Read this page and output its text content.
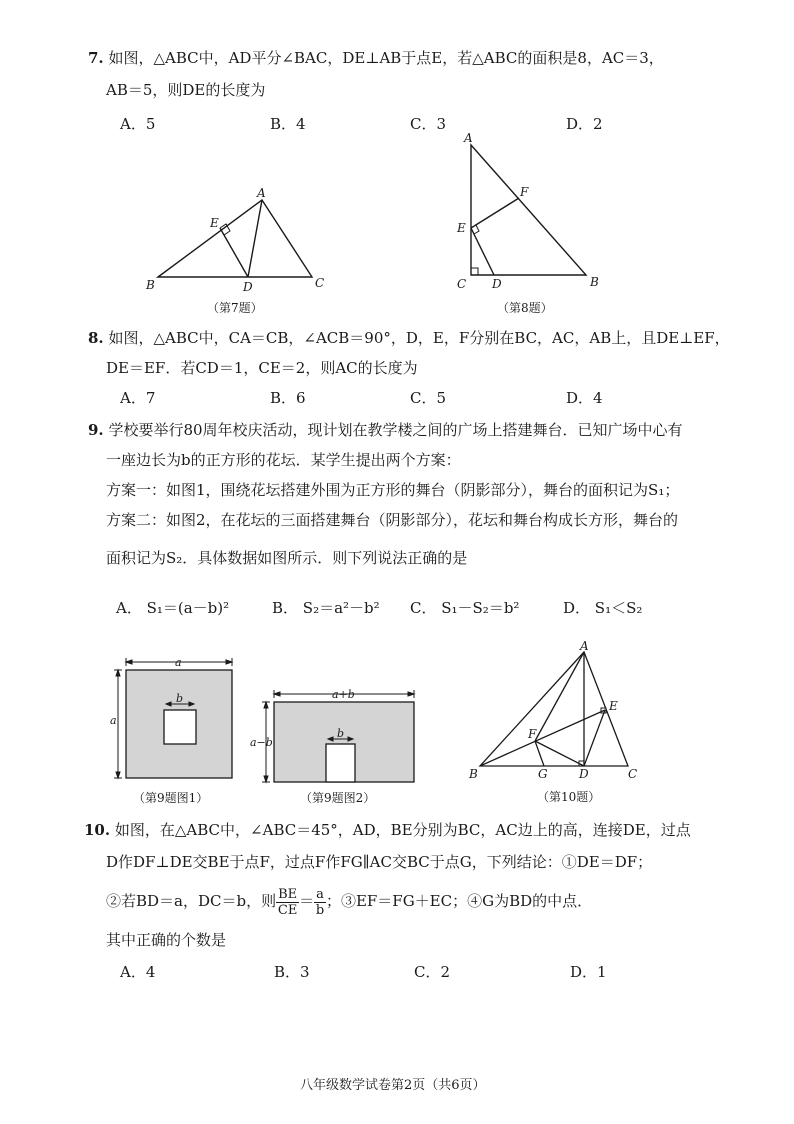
7. 如图，△ABC中，AD平分∠BAC，DE⊥AB于点E，若△ABC的面积是8，AC＝3，
AB＝5，则DE的长度为
A．5	B．4	C．3	D．2
A
E
B	D	C
（第7题）
A
F
E
C D	B
（第8题）
8. 如图，△ABC中，CA＝CB，∠ACB＝90°，D，E，F分别在BC，AC，AB上，且DE⊥EF，
DE＝EF．若CD＝1，CE＝2，则AC的长度为
A．7	B．6	C．5	D．4
9. 学校要举行80周年校庆活动，现计划在教学楼之间的广场上搭建舞台．已知广场中心有
一座边长为b的正方形的花坛．某学生提出两个方案：
方案一：如图1，围绕花坛搭建外围为正方形的舞台（阴影部分），舞台的面积记为S₁；
方案二：如图2，在花坛的三面搭建舞台（阴影部分），花坛和舞台构成长方形，舞台的
面积记为S₂．具体数据如图所示．则下列说法正确的是
A． S₁＝(a－b)²	B． S₂＝a²－b² C． S₁－S₂＝b²	D． S₁＜S₂
a
b
a
（第9题图1）
a+b
b
a−b
（第9题图2）
A
E
F
B	G	D	C
（第10题）
10. 如图，在△ABC中，∠ABC＝45°，AD，BE分别为BC，AC边上的高，连接DE，过点
D作DF⊥DE交BE于点F，过点F作FG∥AC交BC于点G，下列结论：①DE＝DF；
②若BD＝a，DC＝b，则 $\frac{BE}{CE} = \frac{a}{b}$ ；③EF＝FG＋EC；④G为BD的中点．
其中正确的个数是
A．4	B．3	C．2	D．1
八年级数学试卷第2页（共6页）
